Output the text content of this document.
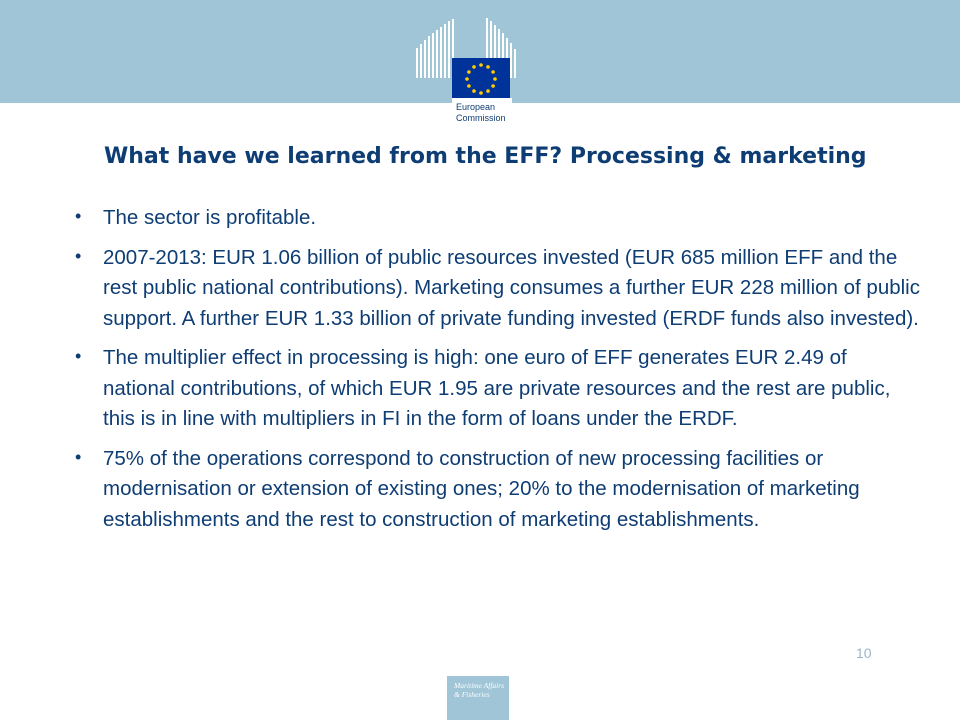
European Commission
What have we learned from the EFF? Processing & marketing
• The sector is profitable.
• 2007-2013: EUR 1.06 billion of public resources invested (EUR 685 million EFF and the rest public national contributions). Marketing consumes a further EUR 228 million of public support. A further EUR 1.33 billion of private funding invested (ERDF funds also invested).
• The multiplier effect in processing is high: one euro of EFF generates EUR 2.49 of national contributions, of which EUR 1.95 are private resources and the rest are public, this is in line with multipliers in FI in the form of loans under the ERDF.
• 75% of the operations correspond to construction of new processing facilities or modernisation or extension of existing ones; 20% to the modernisation of marketing establishments and the rest to construction of marketing establishments.
10
Maritime Affairs
& Fisheries
